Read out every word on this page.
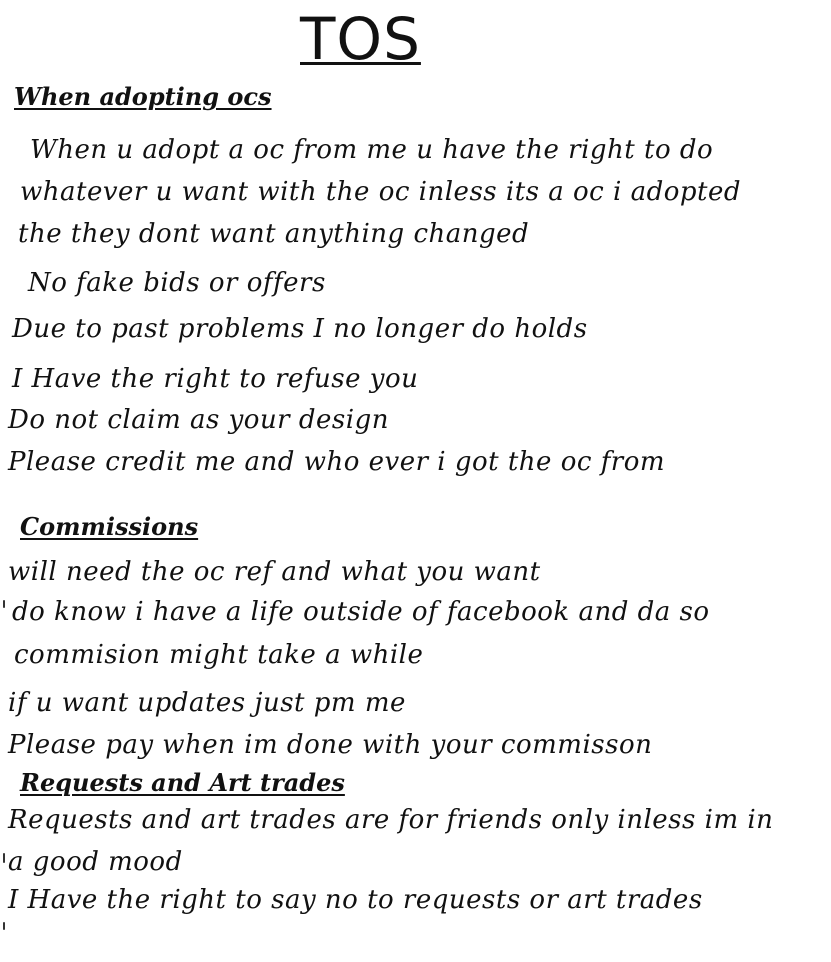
TOS
When adopting ocs
When u adopt a oc from me u have the right to do
whatever u want with the oc inless its a oc i adopted
the they dont want anything changed
No fake bids or offers
Due to past problems I no longer do holds
I Have the right to refuse you
Do not claim as your design
Please credit me and who ever i got the oc from
Commissions
will need the oc ref and what you want
do know i have a life outside of facebook and da so
commision might take a while
if u want updates just pm me
Please pay when im done with your commisson
Requests and Art trades
Requests and art trades are for friends only inless im in
a good mood
I Have the right to say no to requests or art trades
